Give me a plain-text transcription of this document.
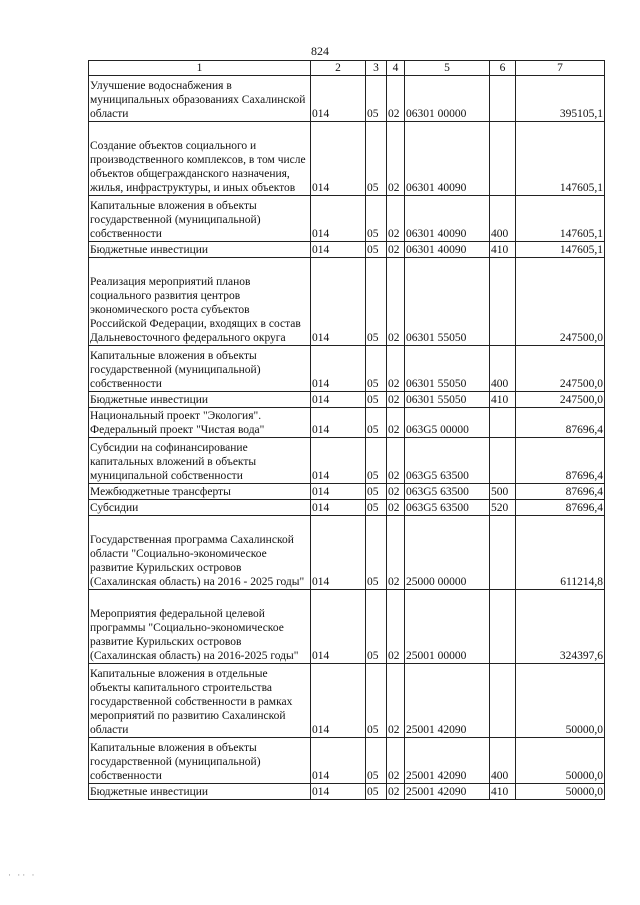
824
1	2	3	4	5	6	7
Улучшение водоснабжения в муниципальных образованиях Сахалинской области	014	05	02	06301 00000		395105,1
Создание объектов социального и производственного комплексов, в том числе объектов общегражданского назначения, жилья, инфраструктуры, и иных объектов	014	05	02	06301 40090		147605,1
Капитальные вложения в объекты государственной (муниципальной) собственности	014	05	02	06301 40090	400	147605,1
Бюджетные инвестиции	014	05	02	06301 40090	410	147605,1
Реализация мероприятий планов социального развития центров экономического роста субъектов Российской Федерации, входящих в состав Дальневосточного федерального округа	014	05	02	06301 55050		247500,0
Капитальные вложения в объекты государственной (муниципальной) собственности	014	05	02	06301 55050	400	247500,0
Бюджетные инвестиции	014	05	02	06301 55050	410	247500,0
Национальный проект "Экология". Федеральный проект "Чистая вода"	014	05	02	063G5 00000		87696,4
Субсидии на софинансирование капитальных вложений в объекты муниципальной собственности	014	05	02	063G5 63500		87696,4
Межбюджетные трансферты	014	05	02	063G5 63500	500	87696,4
Субсидии	014	05	02	063G5 63500	520	87696,4
Государственная программа Сахалинской области "Социально-экономическое развитие Курильских островов (Сахалинская область) на 2016 - 2025 годы"	014	05	02	25000 00000		611214,8
Мероприятия федеральной целевой программы "Социально-экономическое развитие Курильских островов (Сахалинская область) на 2016-2025 годы"	014	05	02	25001 00000		324397,6
Капитальные вложения в отдельные объекты капитального строительства государственной собственности в рамках мероприятий по развитию Сахалинской области	014	05	02	25001 42090		50000,0
Капитальные вложения в объекты государственной (муниципальной) собственности	014	05	02	25001 42090	400	50000,0
Бюджетные инвестиции	014	05	02	25001 42090	410	50000,0
· ·· ·
